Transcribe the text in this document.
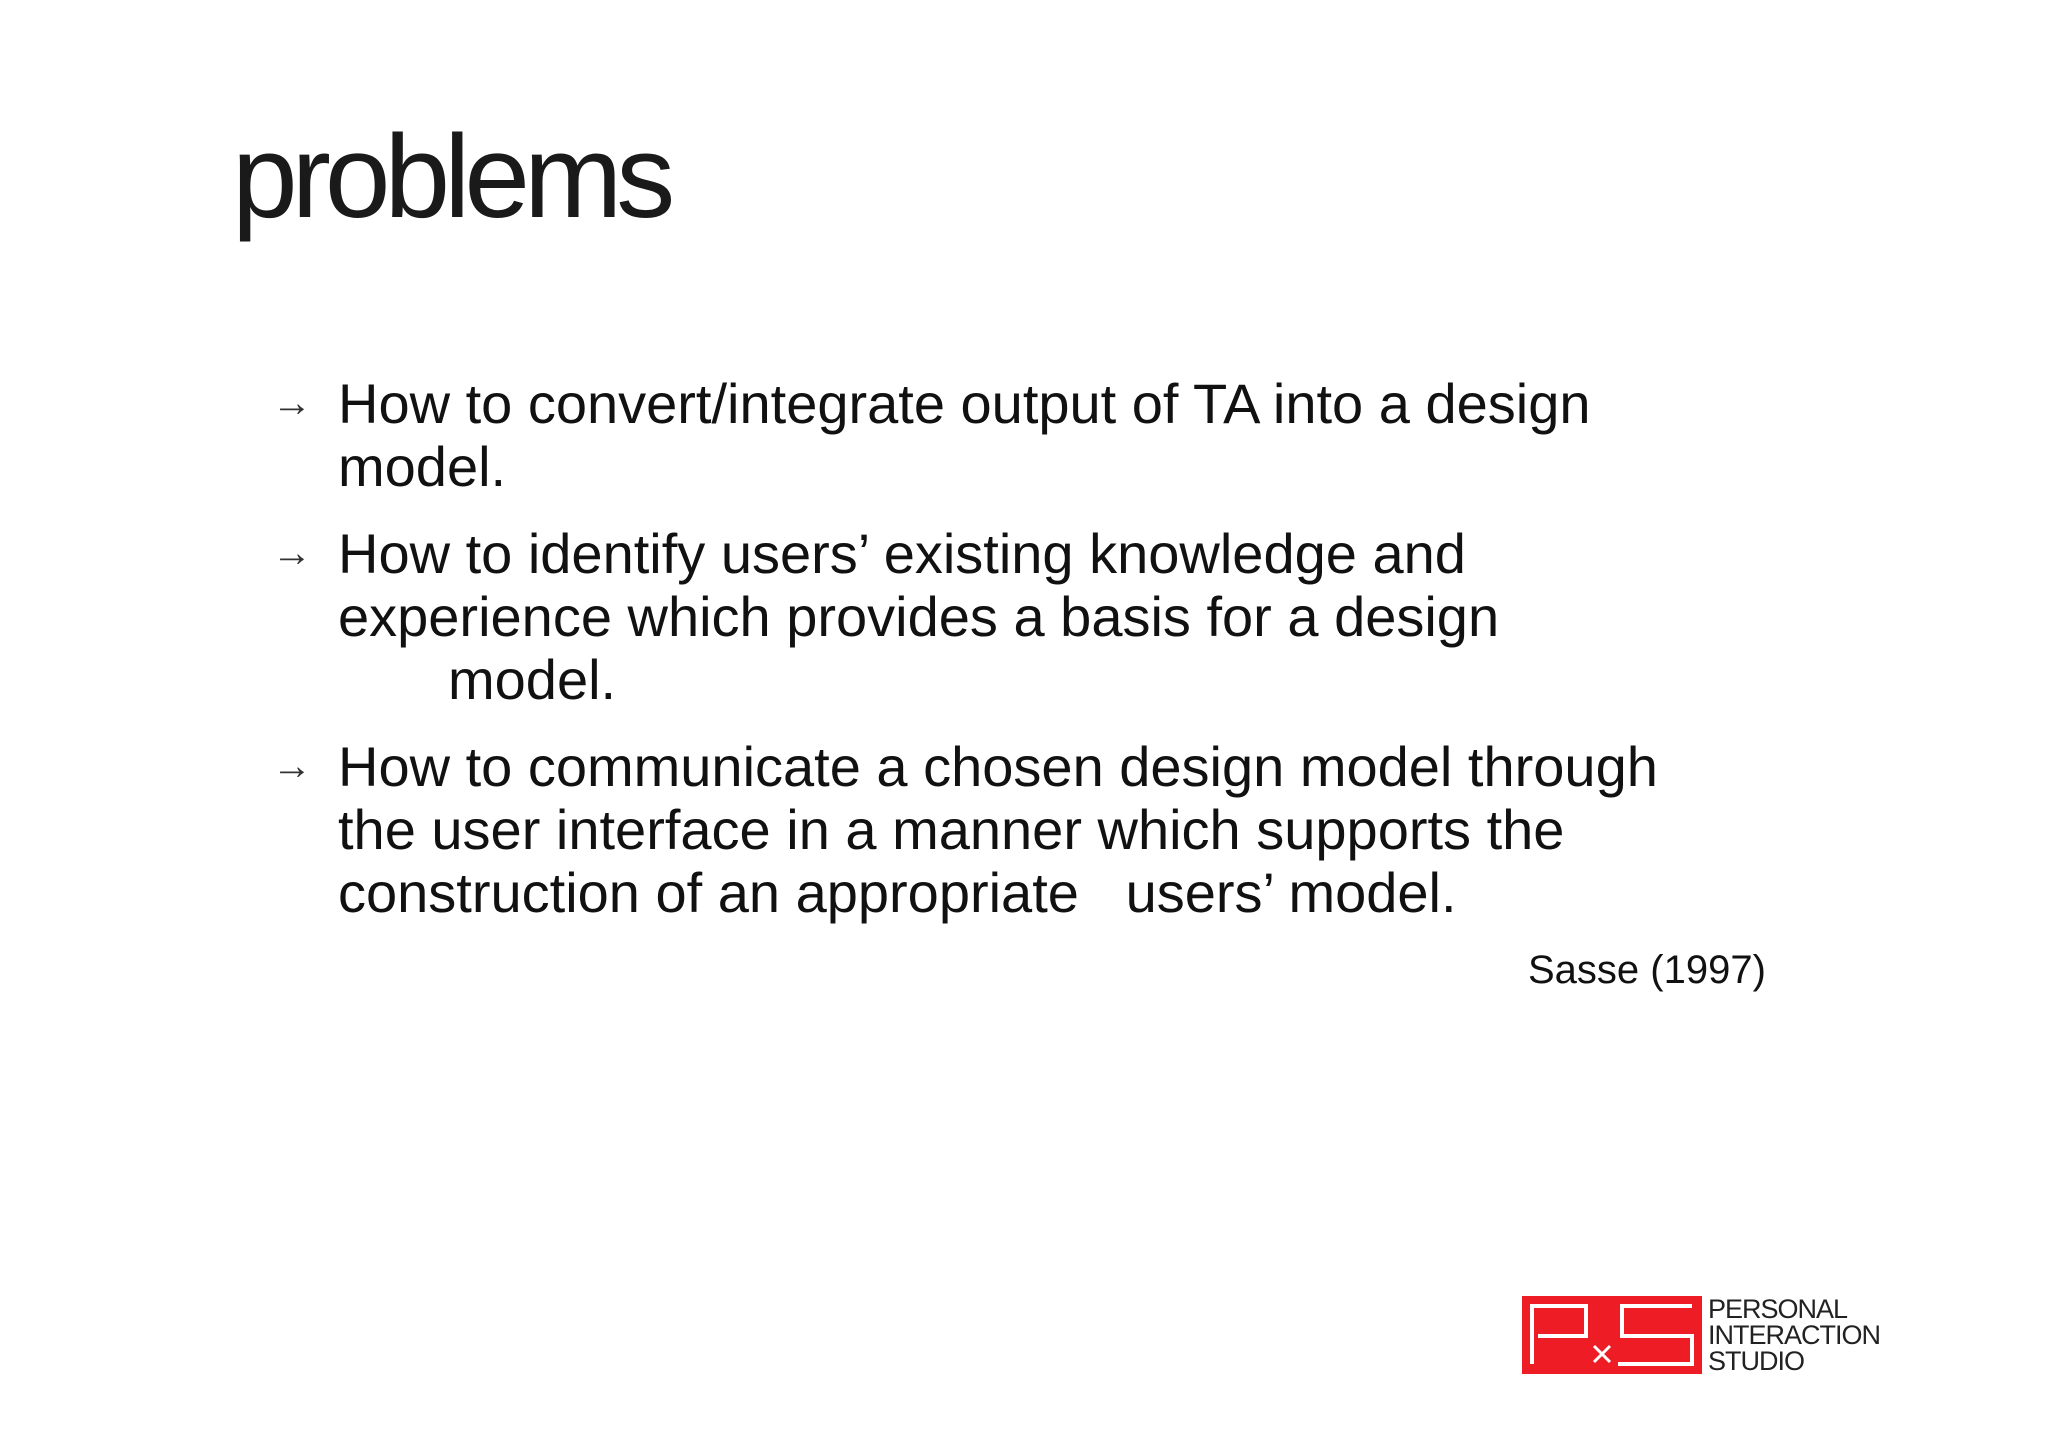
problems
→ How to convert/integrate output of TA into a design
model.
→ How to identify users’ existing knowledge and
experience which provides a basis for a design
model.
→ How to communicate a chosen design model through
the user interface in a manner which supports the
construction of an appropriate   users’ model.
Sasse (1997)
PERSONAL
INTERACTION
STUDIO
